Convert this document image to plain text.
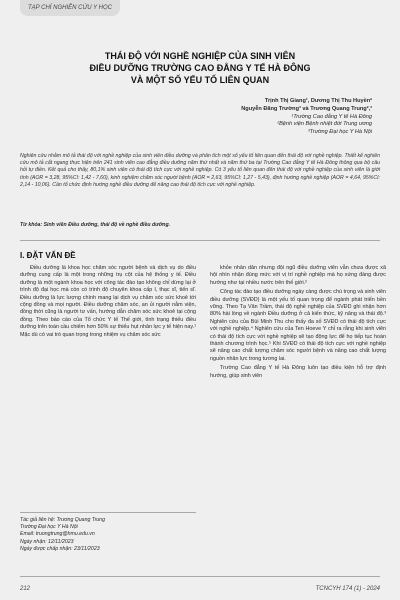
TẠP CHÍ NGHIÊN CỨU Y HỌC
THÁI ĐỘ VỚI NGHỀ NGHIỆP CỦA SINH VIÊN
ĐIỀU DƯỠNG TRƯỜNG CAO ĐẲNG Y TẾ HÀ ĐÔNG
VÀ MỘT SỐ YẾU TỐ LIÊN QUAN
Trịnh Thị Giang¹, Dương Thị Thu Huyền²
Nguyễn Đăng Trường³ và Trương Quang Trung²,³
¹Trường Cao đẳng Y tế Hà Đông
²Bệnh viện Bệnh nhiệt đới Trung ương
³Trường Đại học Y Hà Nội
Nghiên cứu nhằm mô tả thái độ với nghề nghiệp của sinh viên điều dưỡng và phân tích một số yếu tố liên quan đến thái độ với nghề nghiệp. Thiết kế nghiên cứu mô tả cắt ngang thực hiện trên 241 sinh viên cao đẳng điều dưỡng năm thứ nhất và năm thứ ba tại Trường Cao đẳng Y tế Hà Đông thông qua bộ câu hỏi tự điền. Kết quả cho thấy, 80,1% sinh viên có thái độ tích cực với nghề nghiệp. Có 3 yếu tố liên quan đến thái độ với nghề nghiệp của sinh viên là giới tính (AOR = 3,28, 95%CI: 1,42 - 7,60), kinh nghiệm chăm sóc người bệnh (AOR = 2,63, 95%CI: 1,27 - 5,43), định hướng nghề nghiệp (AOR = 4,64, 95%CI: 2,14 - 10,06). Cần tổ chức định hướng nghề điều dưỡng để nâng cao thái độ tích cực với nghề nghiệp.
Từ khóa: Sinh viên Điều dưỡng, thái độ về nghề điều dưỡng.
I. ĐẶT VẤN ĐỀ

Điều dưỡng là khoa học chăm sóc người bệnh và dịch vụ do điều dưỡng cung cấp là một trong những trụ cột của hệ thống y tế. Điều dưỡng là một ngành khoa học với công tác đào tạo không chỉ dừng lại ở trình độ đại học mà còn có trình độ chuyên khoa cấp I, thạc sĩ, tiến sĩ. Điều dưỡng là lực lượng chính mang lại dịch vụ chăm sóc sức khoẻ tới cộng đồng và mọi người. Điều dưỡng chăm sóc, an ủi người nằm viện, đồng thời cũng là người tư vấn, hướng dẫn chăm sóc sức khoẻ tại cộng đồng. Theo báo cáo của Tổ chức Y tế Thế giới, tình trạng thiếu điều dưỡng trên toàn cầu chiếm hơn 50% sự thiếu hụt nhân lực y tế hiện nay.¹ Mặc dù có vai trò quan trọng trong nhiệm vụ chăm sóc sức

khỏe nhân dân nhưng đội ngũ điều dưỡng viên vẫn chưa được xã hội nhìn nhận đúng mức với vị trí nghề nghiệp mà họ xứng đáng được hướng như tại nhiều nước trên thế giới.²

Công tác đào tạo điều dưỡng ngày càng được chú trọng và sinh viên điều dưỡng (SVĐD) là một yếu tố quan trọng để ngành phát triển bền vững. Theo Tạ Văn Trầm, thái độ nghề nghiệp của SVĐD ghi nhận hơn 80% hài lòng về ngành Điều dưỡng ở cả kiến thức, kỹ năng và thái độ.³ Nghiên cứu của Bùi Minh Thu cho thấy đa số SVĐD có thái độ tích cực với nghề nghiệp.⁴ Nghiên cứu của Ten Hoeve Y chỉ ra rằng khi sinh viên có thái độ tích cực với nghề nghiệp sẽ tạo động lực để họ tiếp tục hoàn thành chương trình học.⁵ Khi SVĐD có thái độ tích cực với nghề nghiệp sẽ nâng cao chất lượng chăm sóc người bệnh và nâng cao chất lượng nguồn nhân lực trong tương lai.

Trường Cao đẳng Y tế Hà Đông luôn tạo điều kiện hỗ trợ định hướng, giúp sinh viên

Tác giả liên hệ: Trương Quang Trung
Trường Đại học Y Hà Nội
Email: truongtrung@hmu.edu.vn
Ngày nhận: 12/11/2023
Ngày được chấp nhận: 23/11/2023
212	TCNCYH 174 (1) - 2024
